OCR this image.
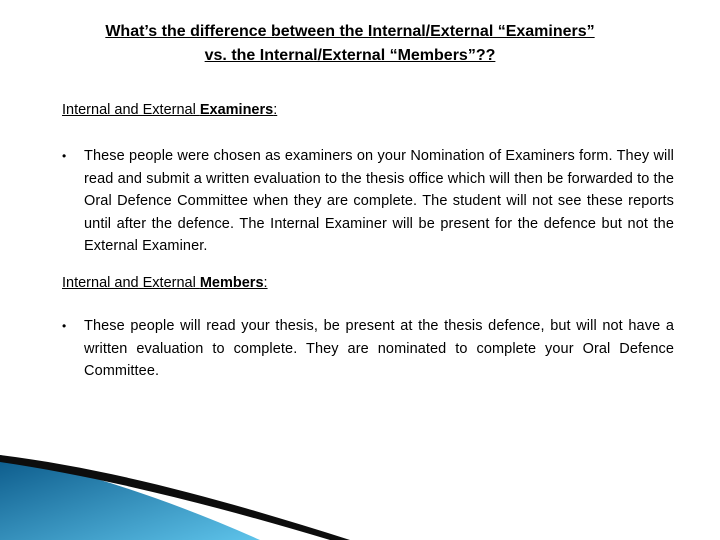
What’s the difference between the Internal/External “Examiners”
vs. the Internal/External “Members”??
Internal and External Examiners:
• These people were chosen as examiners on your Nomination of Examiners form. They will read and submit a written evaluation to the thesis office which will then be forwarded to the Oral Defence Committee when they are complete. The student will not see these reports until after the defence. The Internal Examiner will be present for the defence but not the External Examiner.
Internal and External Members:
• These people will read your thesis, be present at the thesis defence, but will not have a written evaluation to complete. They are nominated to complete your Oral Defence Committee.
